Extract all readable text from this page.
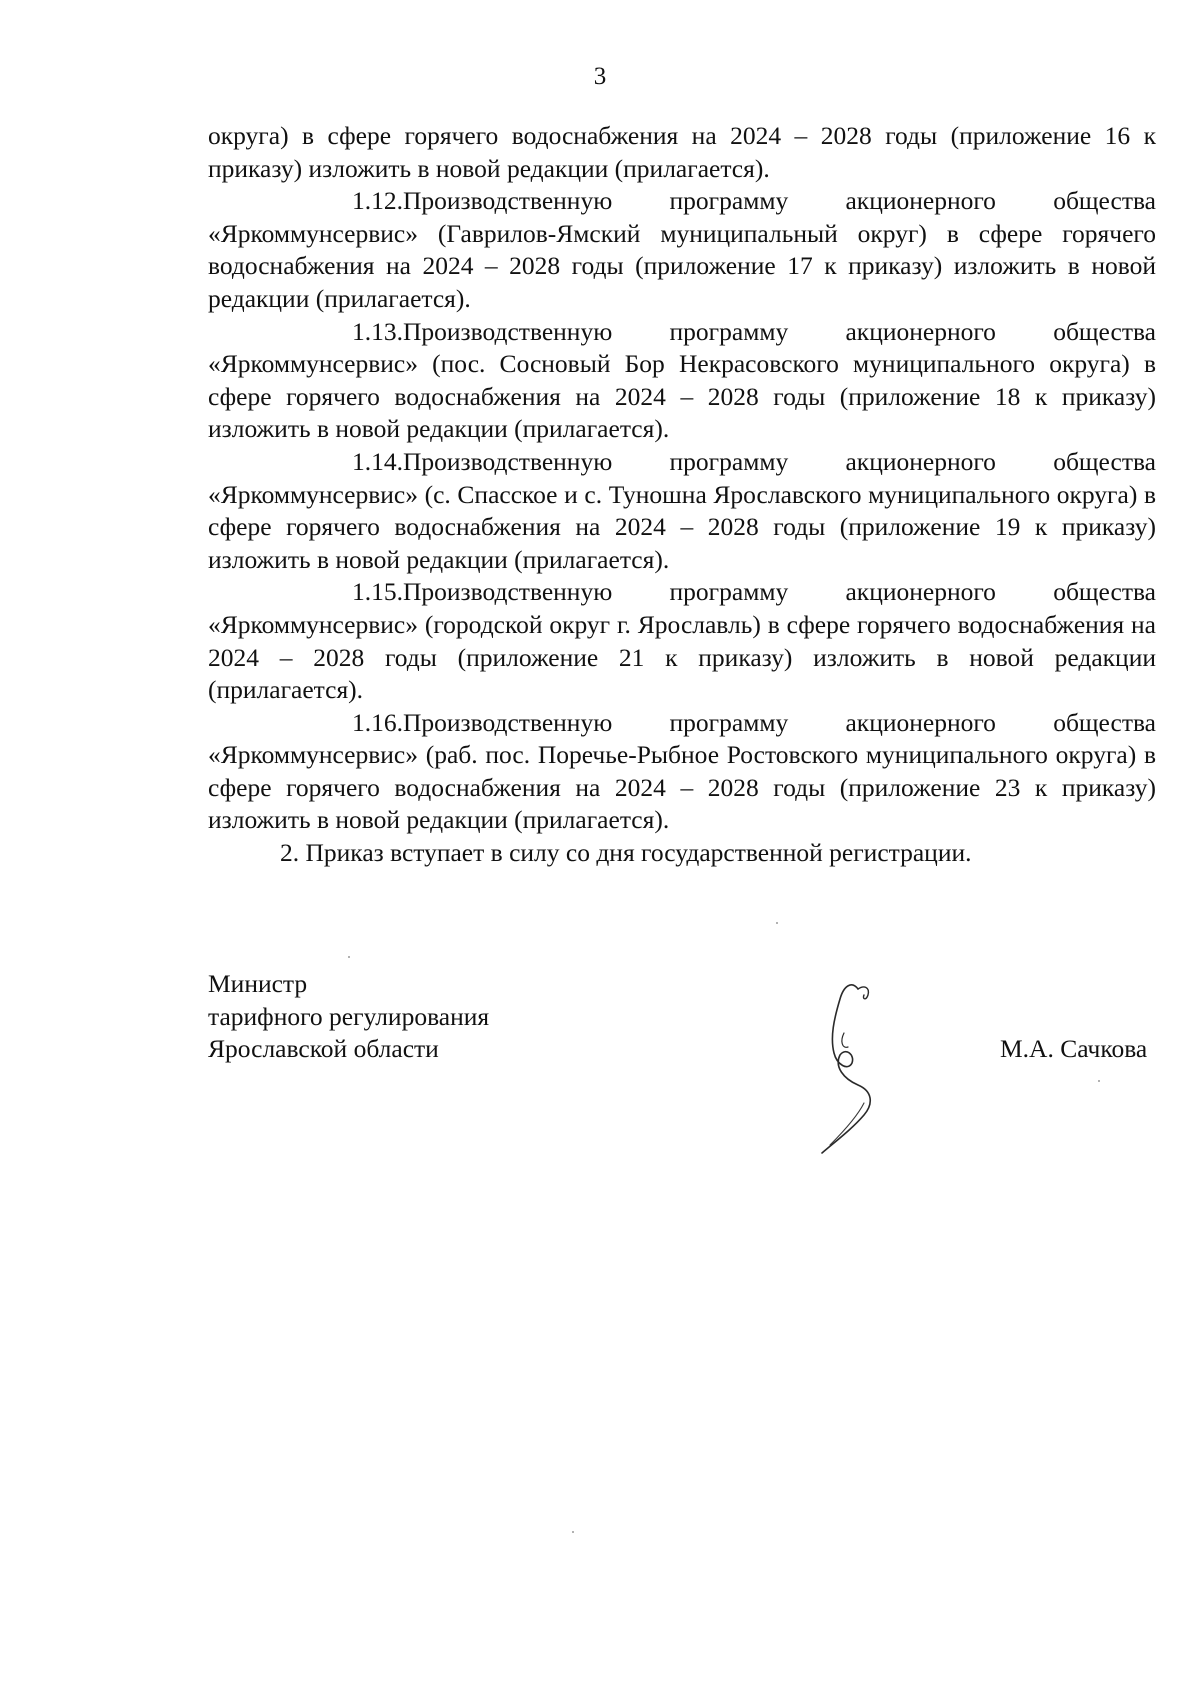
3

округа) в сфере горячего водоснабжения на 2024 – 2028 годы (приложение 16 к приказу) изложить в новой редакции (прилагается).

1.12.Производственную программу акционерного общества «Яркоммунсервис» (Гаврилов-Ямский муниципальный округ) в сфере горячего водоснабжения на 2024 – 2028 годы (приложение 17 к приказу) изложить в новой редакции (прилагается).

1.13.Производственную программу акционерного общества «Яркоммунсервис» (пос. Сосновый Бор Некрасовского муниципального округа) в сфере горячего водоснабжения на 2024 – 2028 годы (приложение 18 к приказу) изложить в новой редакции (прилагается).

1.14.Производственную программу акционерного общества «Яркоммунсервис» (с. Спасское и с. Туношна Ярославского муниципального округа) в сфере горячего водоснабжения на 2024 – 2028 годы (приложение 19 к приказу) изложить в новой редакции (прилагается).

1.15.Производственную программу акционерного общества «Яркоммунсервис» (городской округ г. Ярославль) в сфере горячего водоснабжения на 2024 – 2028 годы (приложение 21 к приказу) изложить в новой редакции (прилагается).

1.16.Производственную программу акционерного общества «Яркоммунсервис» (раб. пос. Поречье-Рыбное Ростовского муниципального округа) в сфере горячего водоснабжения на 2024 – 2028 годы (приложение 23 к приказу) изложить в новой редакции (прилагается).

2. Приказ вступает в силу со дня государственной регистрации.

Министр
тарифного регулирования
Ярославской области	М.А. Сачкова
